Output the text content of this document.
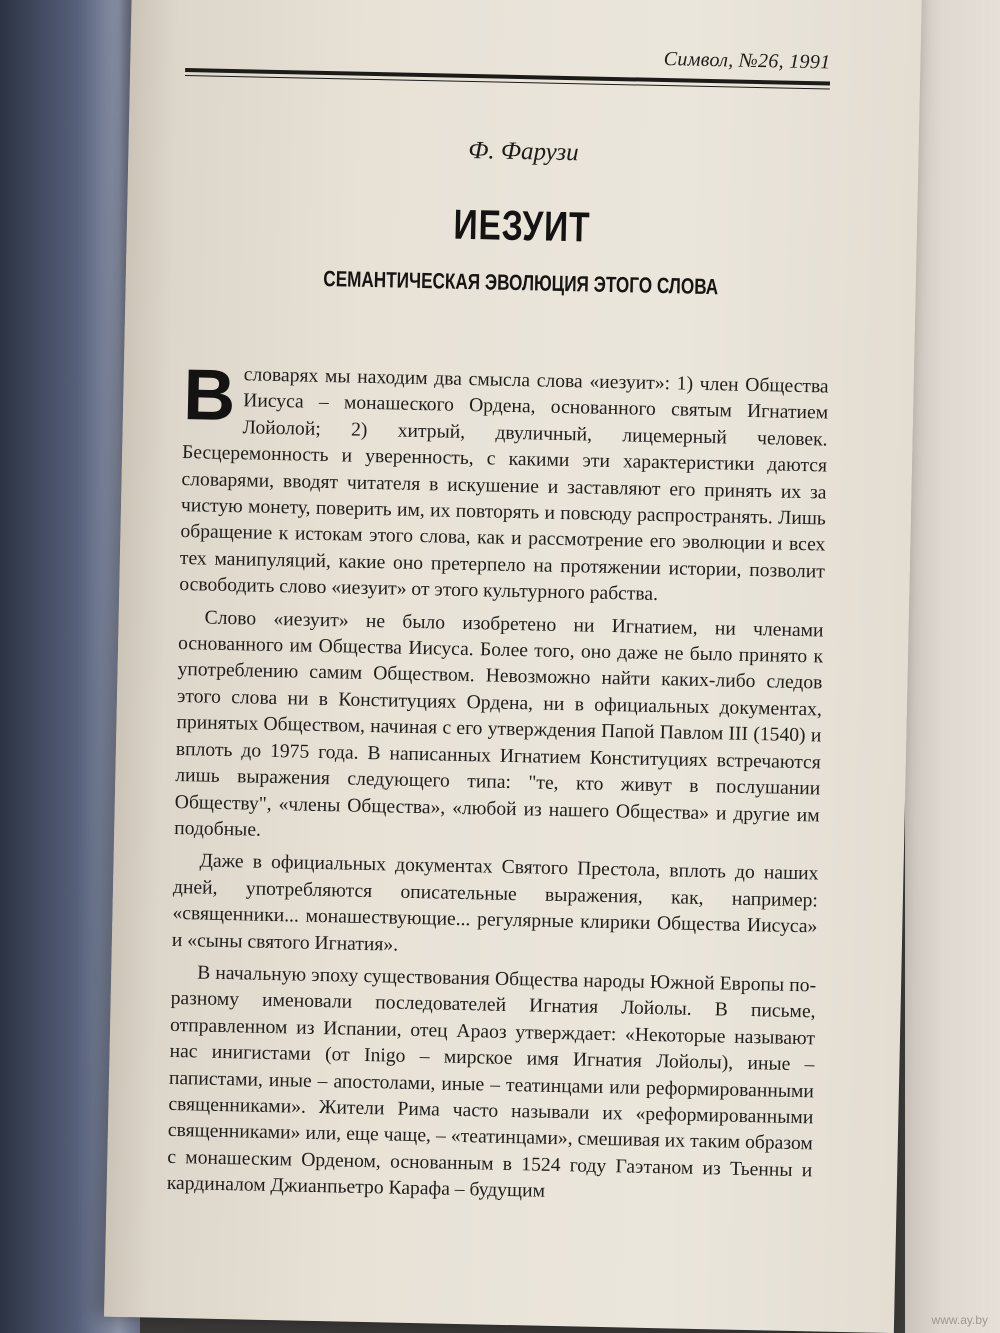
Символ, №26, 1991
Ф. Фарузи
ИЕЗУИТ
СЕМАНТИЧЕСКАЯ ЭВОЛЮЦИЯ ЭТОГО СЛОВА

Всловарях мы находим два смысла слова «иезуит»: 1) член Общества Иисуса – монашеского Ордена, основанного святым Игнатием Лойолой; 2) хитрый, двуличный, лицемерный человек. Бесцеремонность и уверенность, с какими эти характеристики даются словарями, вводят читателя в искушение и заставляют его принять их за чистую монету, поверить им, их повторять и повсюду распространять. Лишь обращение к истокам этого слова, как и рассмотрение его эволюции и всех тех манипуляций, какие оно претерпело на протяжении истории, позволит освободить слово «иезуит» от этого культурного рабства.

Слово «иезуит» не было изобретено ни Игнатием, ни членами основанного им Общества Иисуса. Более того, оно даже не было принято к употреблению самим Обществом. Невозможно найти каких-либо следов этого слова ни в Конституциях Ордена, ни в официальных документах, принятых Обществом, начиная с его утверждения Папой Павлом III (1540) и вплоть до 1975 года. В написанных Игнатием Конституциях встречаются лишь выражения следующего типа: "те, кто живут в послушании Обществу", «члены Общества», «любой из нашего Общества» и другие им подобные.

Даже в официальных документах Святого Престола, вплоть до наших дней, употребляются описательные выражения, как, например: «священники... монашествующие... регулярные клирики Общества Иисуса» и «сыны святого Игнатия».

В начальную эпоху существования Общества народы Южной Европы по-разному именовали последователей Игнатия Лойолы. В письме, отправленном из Испании, отец Араоз утверждает: «Некоторые называют нас инигистами (от Inigo – мирское имя Игнатия Лойолы), иные – папистами, иные – апостолами, иные – театинцами или реформированными священниками». Жители Рима часто называли их «реформированными священниками» или, еще чаще, – «театинцами», смешивая их таким образом с монашеским Орденом, основанным в 1524 году Гаэтаном из Тьенны и кардиналом Джианпьетро Карафа – будущим

www.ay.by
